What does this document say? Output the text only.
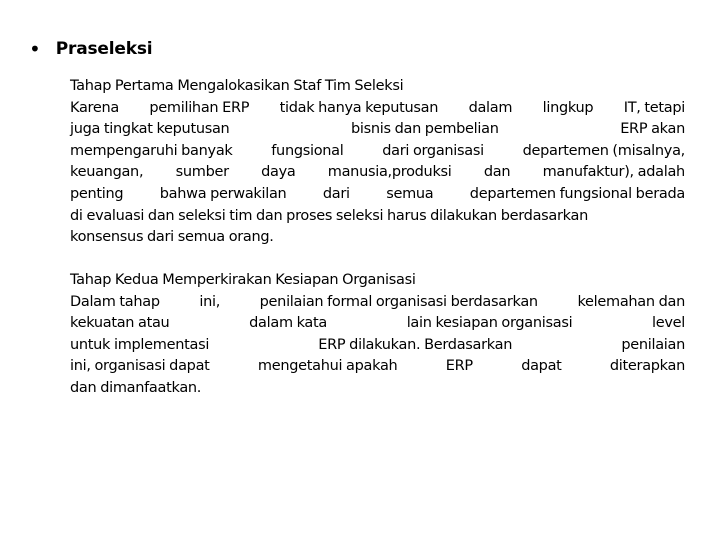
• Praseleksi
Tahap Pertama Mengalokasikan Staf Tim Seleksi
Karena pemilihan ERP tidak hanya keputusan dalam lingkup IT, tetapi
juga tingkat keputusan	bisnis dan pembelian	ERP akan
mempengaruhi banyak	fungsional	dari organisasi	departemen (misalnya,
keuangan, sumber daya manusia,produksi dan manufaktur), adalah
penting	bahwa perwakilan	dari	semua	departemen fungsional berada
di evaluasi dan seleksi tim dan proses seleksi harus dilakukan berdasarkan
konsensus dari semua orang.
Tahap Kedua Memperkirakan Kesiapan Organisasi
Dalam tahap	ini,	penilaian formal organisasi berdasarkan	kelemahan dan
kekuatan atau	dalam kata	lain kesiapan organisasi	level
untuk implementasi	ERP dilakukan. Berdasarkan	penilaian
ini, organisasi dapat	mengetahui apakah	ERP	dapat	diterapkan
dan dimanfaatkan.
